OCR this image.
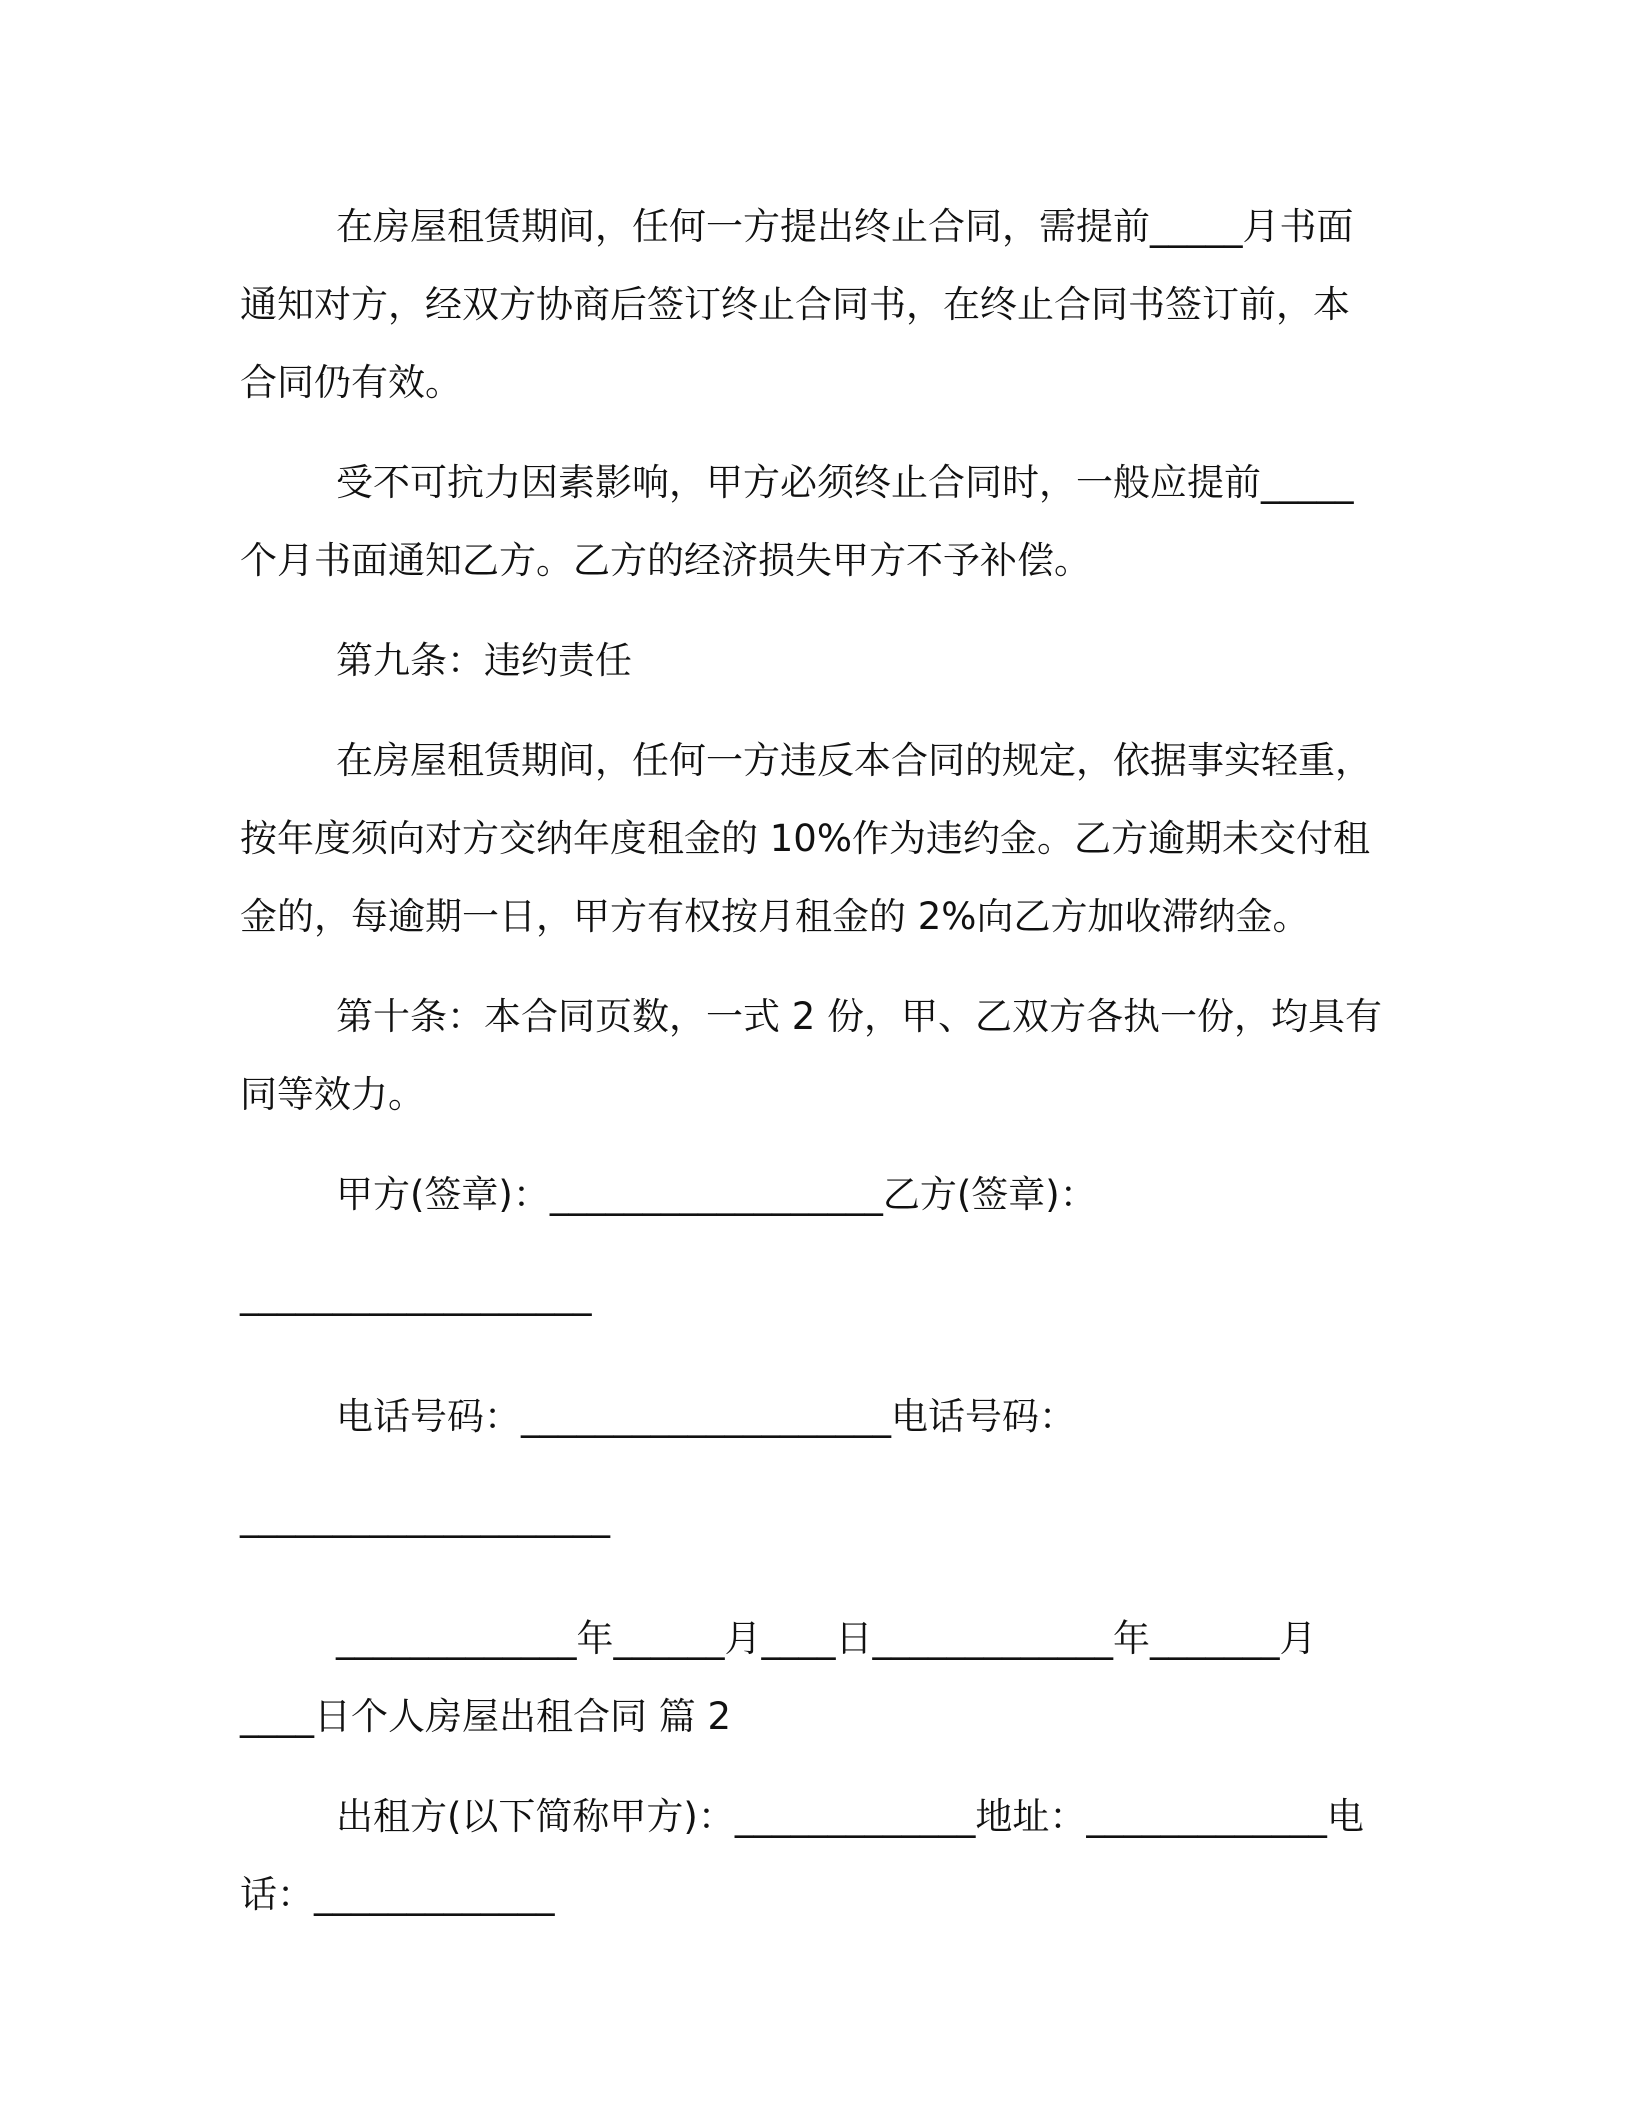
在房屋租赁期间，任何一方提出终止合同，需提前_____月书面
通知对方，经双方协商后签订终止合同书，在终止合同书签订前，本
合同仍有效。
受不可抗力因素影响，甲方必须终止合同时，一般应提前_____
个月书面通知乙方。乙方的经济损失甲方不予补偿。
第九条：违约责任
在房屋租赁期间，任何一方违反本合同的规定，依据事实轻重，
按年度须向对方交纳年度租金的 10%作为违约金。乙方逾期未交付租
金的，每逾期一日，甲方有权按月租金的 2%向乙方加收滞纳金。
第十条：本合同页数，一式 2 份，甲、乙双方各执一份，均具有
同等效力。
甲方(签章)：__________________乙方(签章)：
___________________
电话号码：____________________电话号码：
____________________
_____________年______月____日_____________年_______月
____日个人房屋出租合同 篇 2
出租方(以下简称甲方)：_____________地址：_____________电
话：_____________
